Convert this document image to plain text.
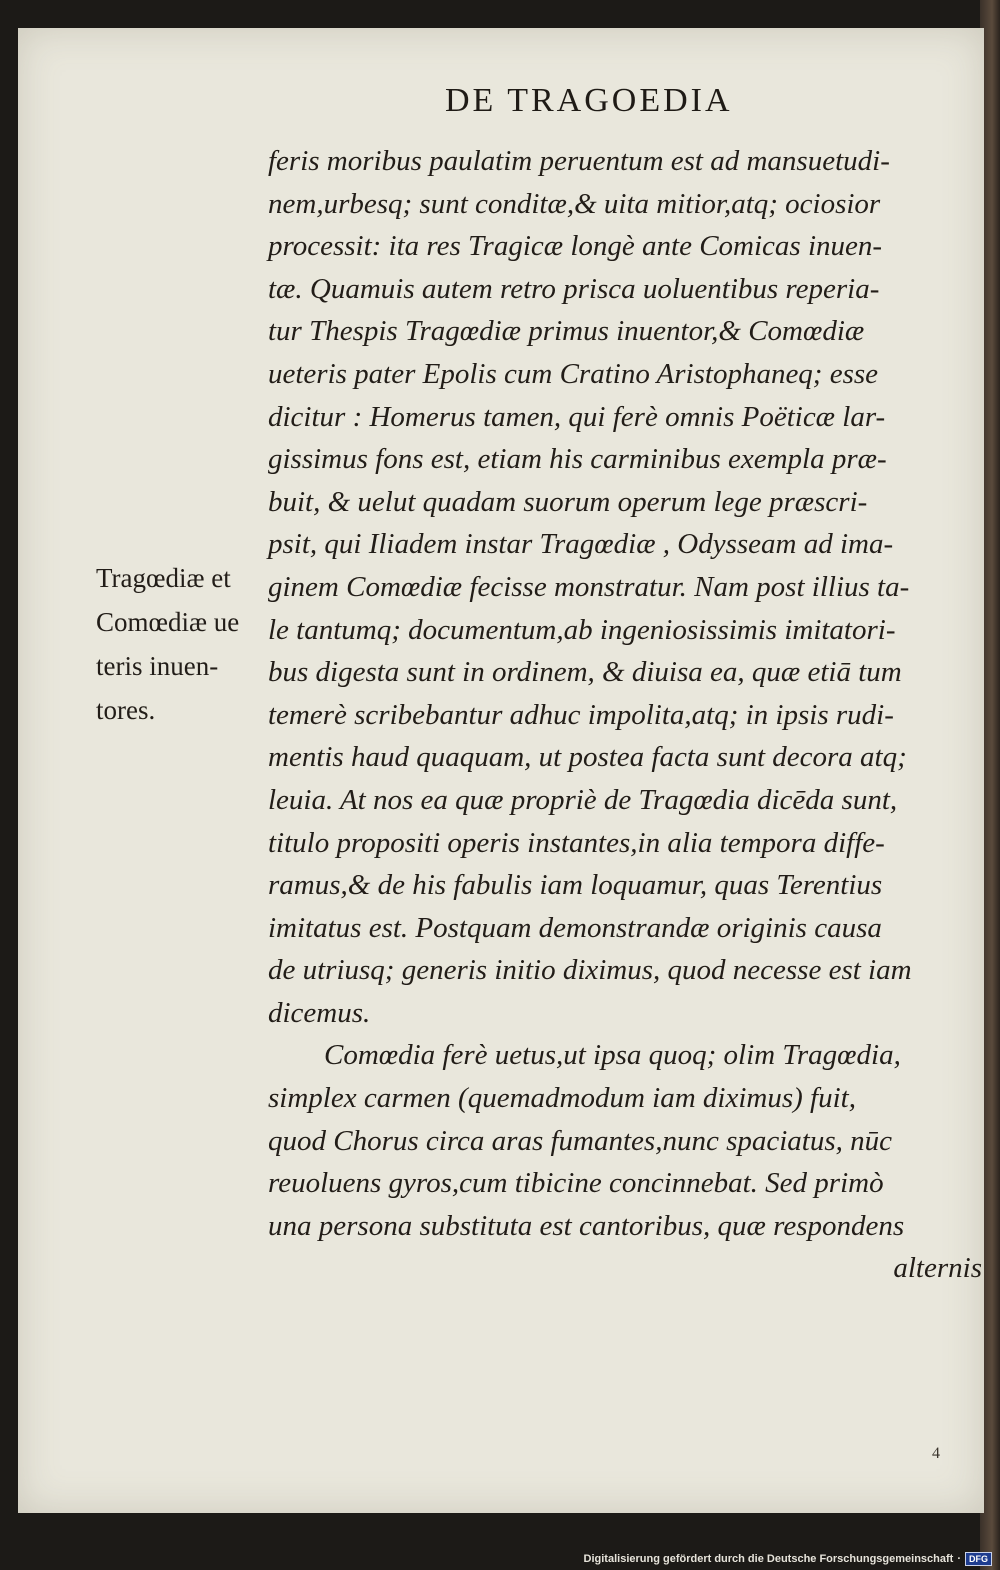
DE TRAGOEDIA
feris moribus paulatim peruentum est ad mansuetudi-
nem,urbesq; sunt conditæ,& uita mitior,atq; ociosior
processit: ita res Tragicæ longè ante Comicas inuen-
tæ. Quamuis autem retro prisca uoluentibus reperia-
tur Thespis Tragœdiæ primus inuentor,& Comœdiæ
ueteris pater Epolis cum Cratino Aristophaneq; esse
dicitur : Homerus tamen, qui ferè omnis Poëticæ lar-
gissimus fons est, etiam his carminibus exempla præ-
buit, & uelut quadam suorum operum lege præscri-
psit, qui Iliadem instar Tragœdiæ , Odysseam ad ima-
ginem Comœdiæ fecisse monstratur. Nam post illius ta-
le tantumq; documentum,ab ingeniosissimis imitatori-
bus digesta sunt in ordinem, & diuisa ea, quæ etiā tum
temerè scribebantur adhuc impolita,atq; in ipsis rudi-
mentis haud quaquam, ut postea facta sunt decora atq;
leuia. At nos ea quæ propriè de Tragœdia dicēda sunt,
titulo propositi operis instantes,in alia tempora diffe-
ramus,& de his fabulis iam loquamur, quas Terentius
imitatus est. Postquam demonstrandæ originis causa
de utriusq; generis initio diximus, quod necesse est iam
dicemus.
Comœdia ferè uetus,ut ipsa quoq; olim Tragœdia,
simplex carmen (quemadmodum iam diximus) fuit,
quod Chorus circa aras fumantes,nunc spaciatus, nūc
reuoluens gyros,cum tibicine concinnebat. Sed primò
una persona substituta est cantoribus, quæ respondens
alternis
Tragœdiæ et
Comœdiæ ue
teris inuen-
tores.
4
Digitalisierung gefördert durch die Deutsche Forschungsgemeinschaft · DFG
